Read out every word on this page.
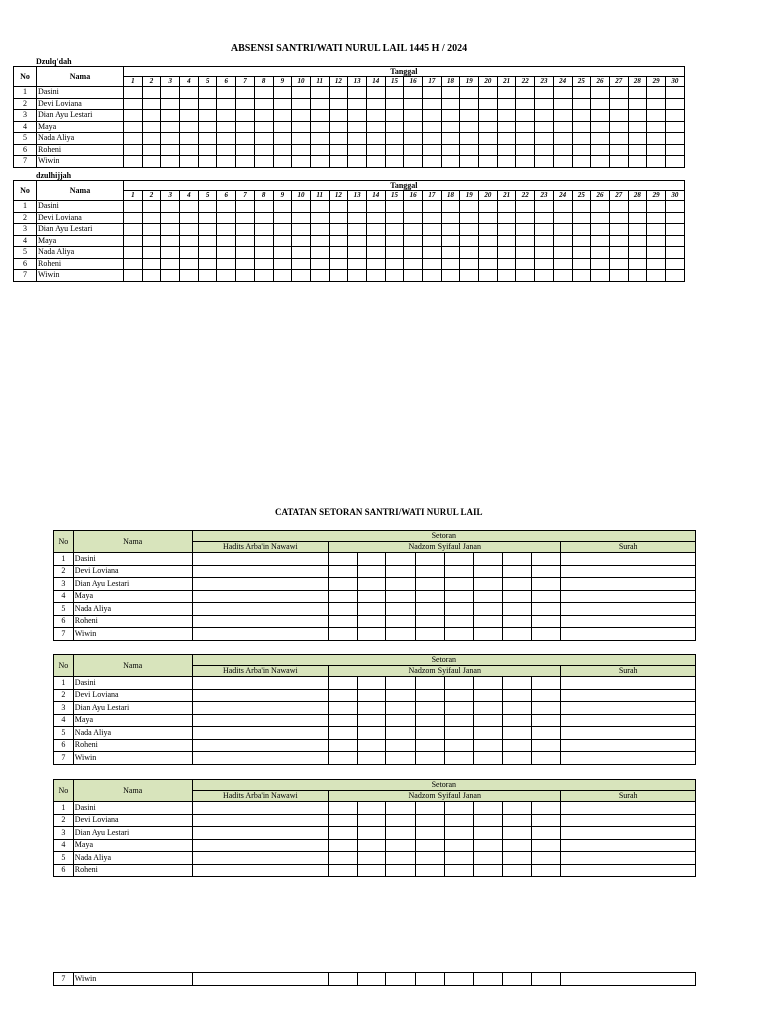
ABSENSI SANTRI/WATI NURUL LAIL 1445 H / 2024
Dzulq'dah
No	Nama	Tanggal																													
		1	2	3	4	5	6	7	8	9	10	11	12	13	14	15	16	17	18	19	20	21	22	23	24	25	26	27	28	29	30
1	Dasini																														
2	Devi Loviana																														
3	Dian Ayu Lestari																														
4	Maya																														
5	Nada Aliya																														
6	Roheni																														
7	Wiwin																														
dzulhijjah
No	Nama	Tanggal																													
		1	2	3	4	5	6	7	8	9	10	11	12	13	14	15	16	17	18	19	20	21	22	23	24	25	26	27	28	29	30
1	Dasini																														
2	Devi Loviana																														
3	Dian Ayu Lestari																														
4	Maya																														
5	Nada Aliya																														
6	Roheni																														
7	Wiwin																														
CATATAN SETORAN SANTRI/WATI NURUL LAIL
No	Nama	Setoran									
		Hadits Arba'in Nawawi	Nadzom Syifaul Janan								Surah
1	Dasini										
2	Devi Loviana										
3	Dian Ayu Lestari										
4	Maya										
5	Nada Aliya										
6	Roheni										
7	Wiwin										
No	Nama	Setoran									
		Hadits Arba'in Nawawi	Nadzom Syifaul Janan								Surah
1	Dasini										
2	Devi Loviana										
3	Dian Ayu Lestari										
4	Maya										
5	Nada Aliya										
6	Roheni										
7	Wiwin										
No	Nama	Setoran									
		Hadits Arba'in Nawawi	Nadzom Syifaul Janan								Surah
1	Dasini										
2	Devi Loviana										
3	Dian Ayu Lestari										
4	Maya										
5	Nada Aliya										
6	Roheni										
7	Wiwin										
